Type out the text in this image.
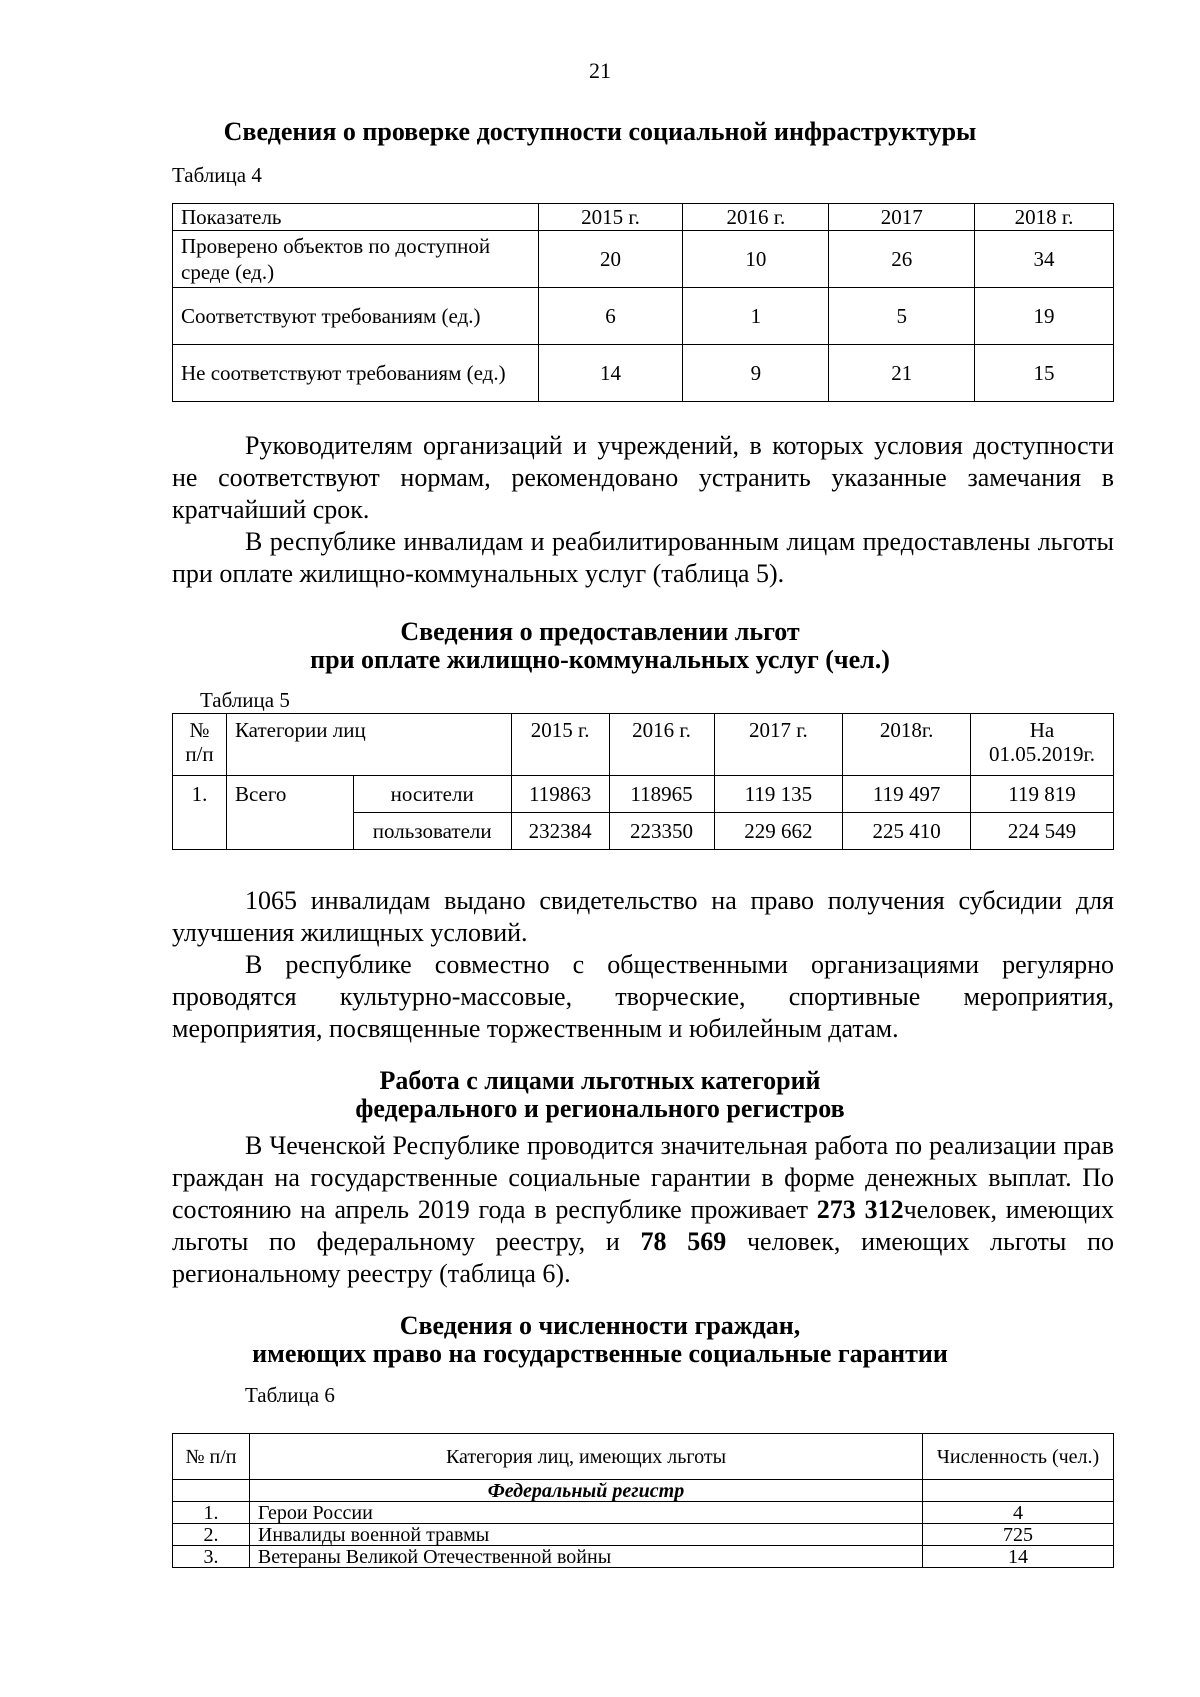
21
Сведения о проверке доступности социальной инфраструктуры
Таблица 4
Показатель	2015 г.	2016 г.	2017	2018 г.
Проверено объектов по доступной среде (ед.)	20	10	26	34
Соответствуют требованиям (ед.)	6	1	5	19
Не соответствуют требованиям (ед.)	14	9	21	15

Руководителям организаций и учреждений, в которых условия доступности не соответствуют нормам, рекомендовано устранить указанные замечания в кратчайший срок.

В республике инвалидам и реабилитированным лицам предоставлены льготы при оплате жилищно-коммунальных услуг (таблица 5).

Сведения о предоставлении льгот
при оплате жилищно-коммунальных услуг (чел.)
Таблица 5
№ п/п	Категории лиц		2015 г.	2016 г.	2017 г.	2018г.	На 01.05.2019г.
1.	Всего	носители	119863	118965	119 135	119 497	119 819
		пользователи	232384	223350	229 662	225 410	224 549

1065 инвалидам выдано свидетельство на право получения субсидии для улучшения жилищных условий.

В республике совместно с общественными организациями регулярно проводятся культурно-массовые, творческие, спортивные мероприятия, мероприятия, посвященные торжественным и юбилейным датам.

Работа с лицами льготных категорий
федерального и регионального регистров

В Чеченской Республике проводится значительная работа по реализации прав граждан на государственные социальные гарантии в форме денежных выплат. По состоянию на апрель 2019 года в республике проживает 273 312человек, имеющих льготы по федеральному реестру, и 78 569 человек, имеющих льготы по региональному реестру (таблица 6).

Сведения о численности граждан,
имеющих право на государственные социальные гарантии
Таблица 6
№ п/п	Категория лиц, имеющих льготы	Численность (чел.)
	Федеральный регистр	
1.	Герои России	4
2.	Инвалиды военной травмы	725
3.	Ветераны Великой Отечественной войны	14
